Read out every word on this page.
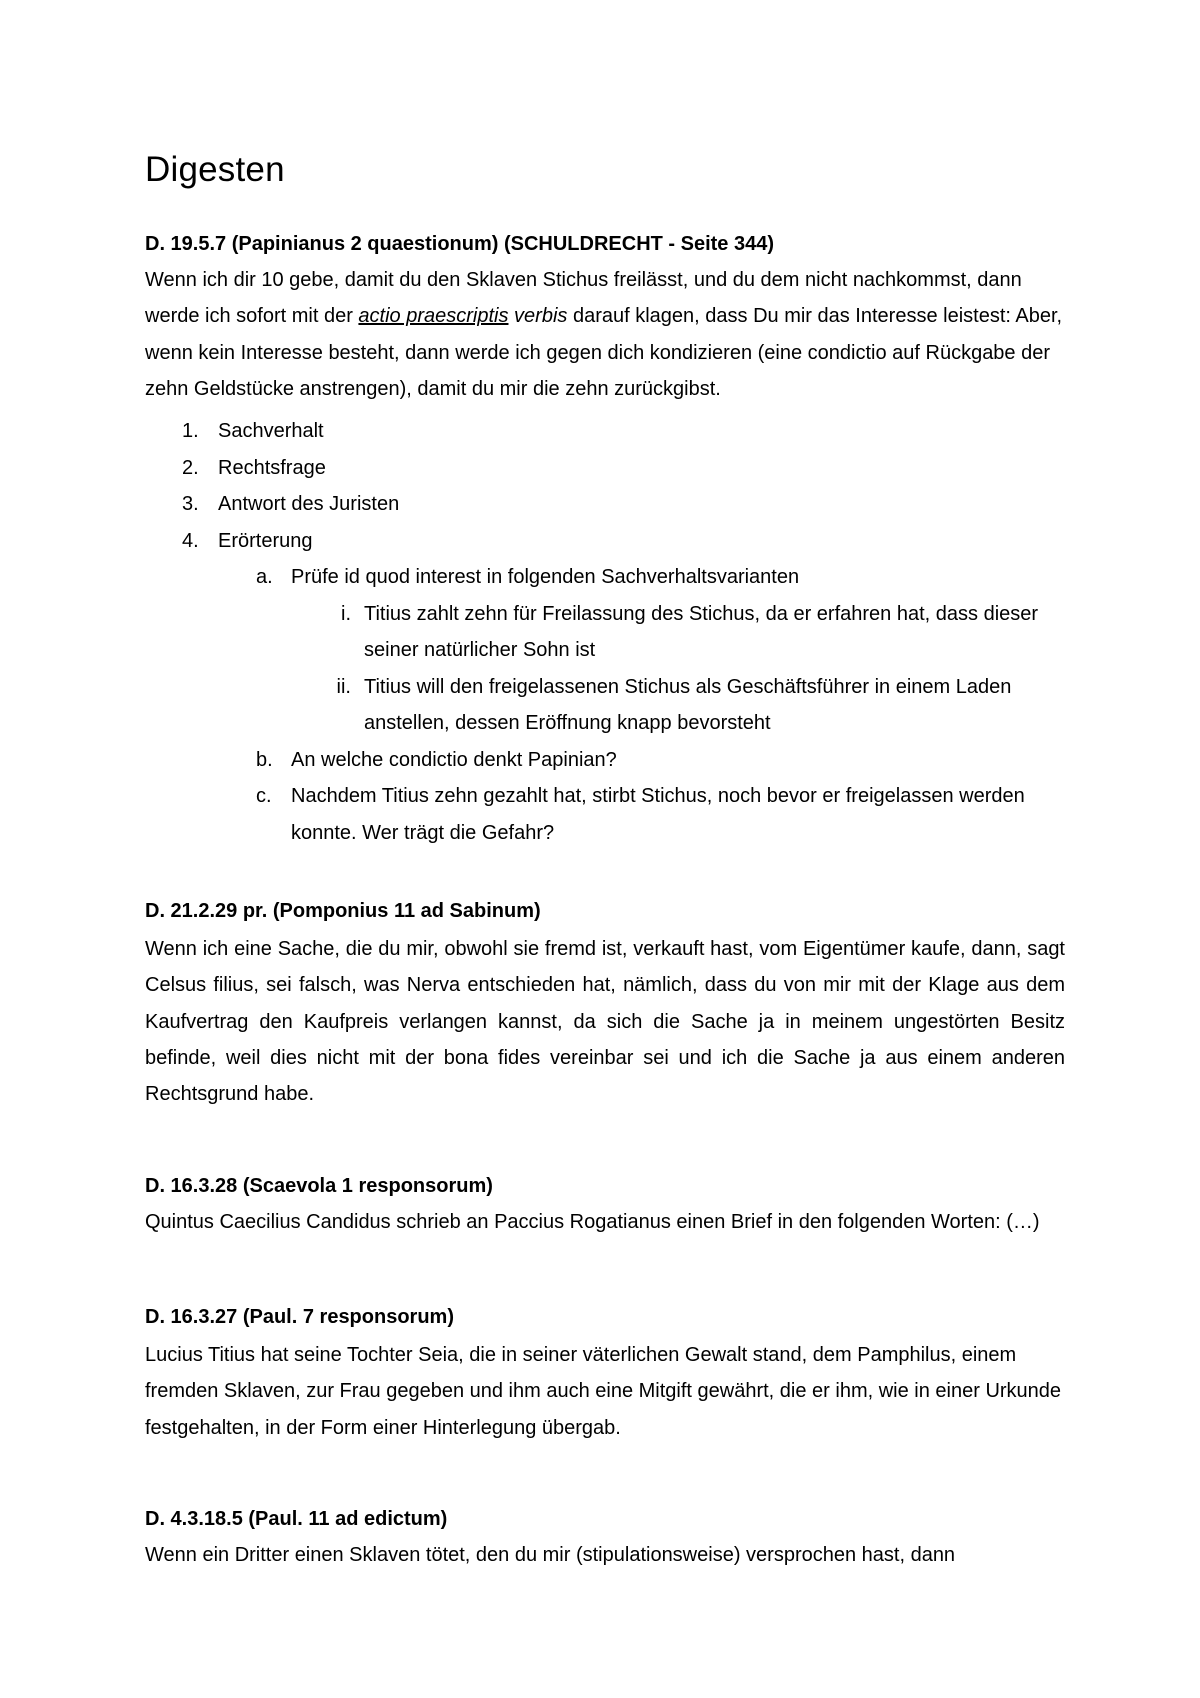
Digesten
D. 19.5.7 (Papinianus 2 quaestionum) (SCHULDRECHT - Seite 344)

Wenn ich dir 10 gebe, damit du den Sklaven Stichus freilässt, und du dem nicht nachkommst, dann werde ich sofort mit der actio praescriptis verbis darauf klagen, dass Du mir das Interesse leistest: Aber, wenn kein Interesse besteht, dann werde ich gegen dich kondizieren (eine condictio auf Rückgabe der zehn Geldstücke anstrengen), damit du mir die zehn zurückgibst.

1. Sachverhalt
2. Rechtsfrage
3. Antwort des Juristen
4. Erörterung
a. Prüfe id quod interest in folgenden Sachverhaltsvarianten
i. Titius zahlt zehn für Freilassung des Stichus, da er erfahren hat, dass dieser seiner natürlicher Sohn ist
ii. Titius will den freigelassenen Stichus als Geschäftsführer in einem Laden anstellen, dessen Eröffnung knapp bevorsteht
b. An welche condictio denkt Papinian?
c. Nachdem Titius zehn gezahlt hat, stirbt Stichus, noch bevor er freigelassen werden konnte. Wer trägt die Gefahr?
D. 21.2.29 pr. (Pomponius 11 ad Sabinum)

Wenn ich eine Sache, die du mir, obwohl sie fremd ist, verkauft hast, vom Eigentümer kaufe, dann, sagt Celsus filius, sei falsch, was Nerva entschieden hat, nämlich, dass du von mir mit der Klage aus dem Kaufvertrag den Kaufpreis verlangen kannst, da sich die Sache ja in meinem ungestörten Besitz befinde, weil dies nicht mit der bona fides vereinbar sei und ich die Sache ja aus einem anderen Rechtsgrund habe.

D. 16.3.28 (Scaevola 1 responsorum)

Quintus Caecilius Candidus schrieb an Paccius Rogatianus einen Brief in den folgenden Worten: (…)

D. 16.3.27 (Paul. 7 responsorum)

Lucius Titius hat seine Tochter Seia, die in seiner väterlichen Gewalt stand, dem Pamphilus, einem fremden Sklaven, zur Frau gegeben und ihm auch eine Mitgift gewährt, die er ihm, wie in einer Urkunde festgehalten, in der Form einer Hinterlegung übergab.

D. 4.3.18.5 (Paul. 11 ad edictum)

Wenn ein Dritter einen Sklaven tötet, den du mir (stipulationsweise) versprochen hast, dann
